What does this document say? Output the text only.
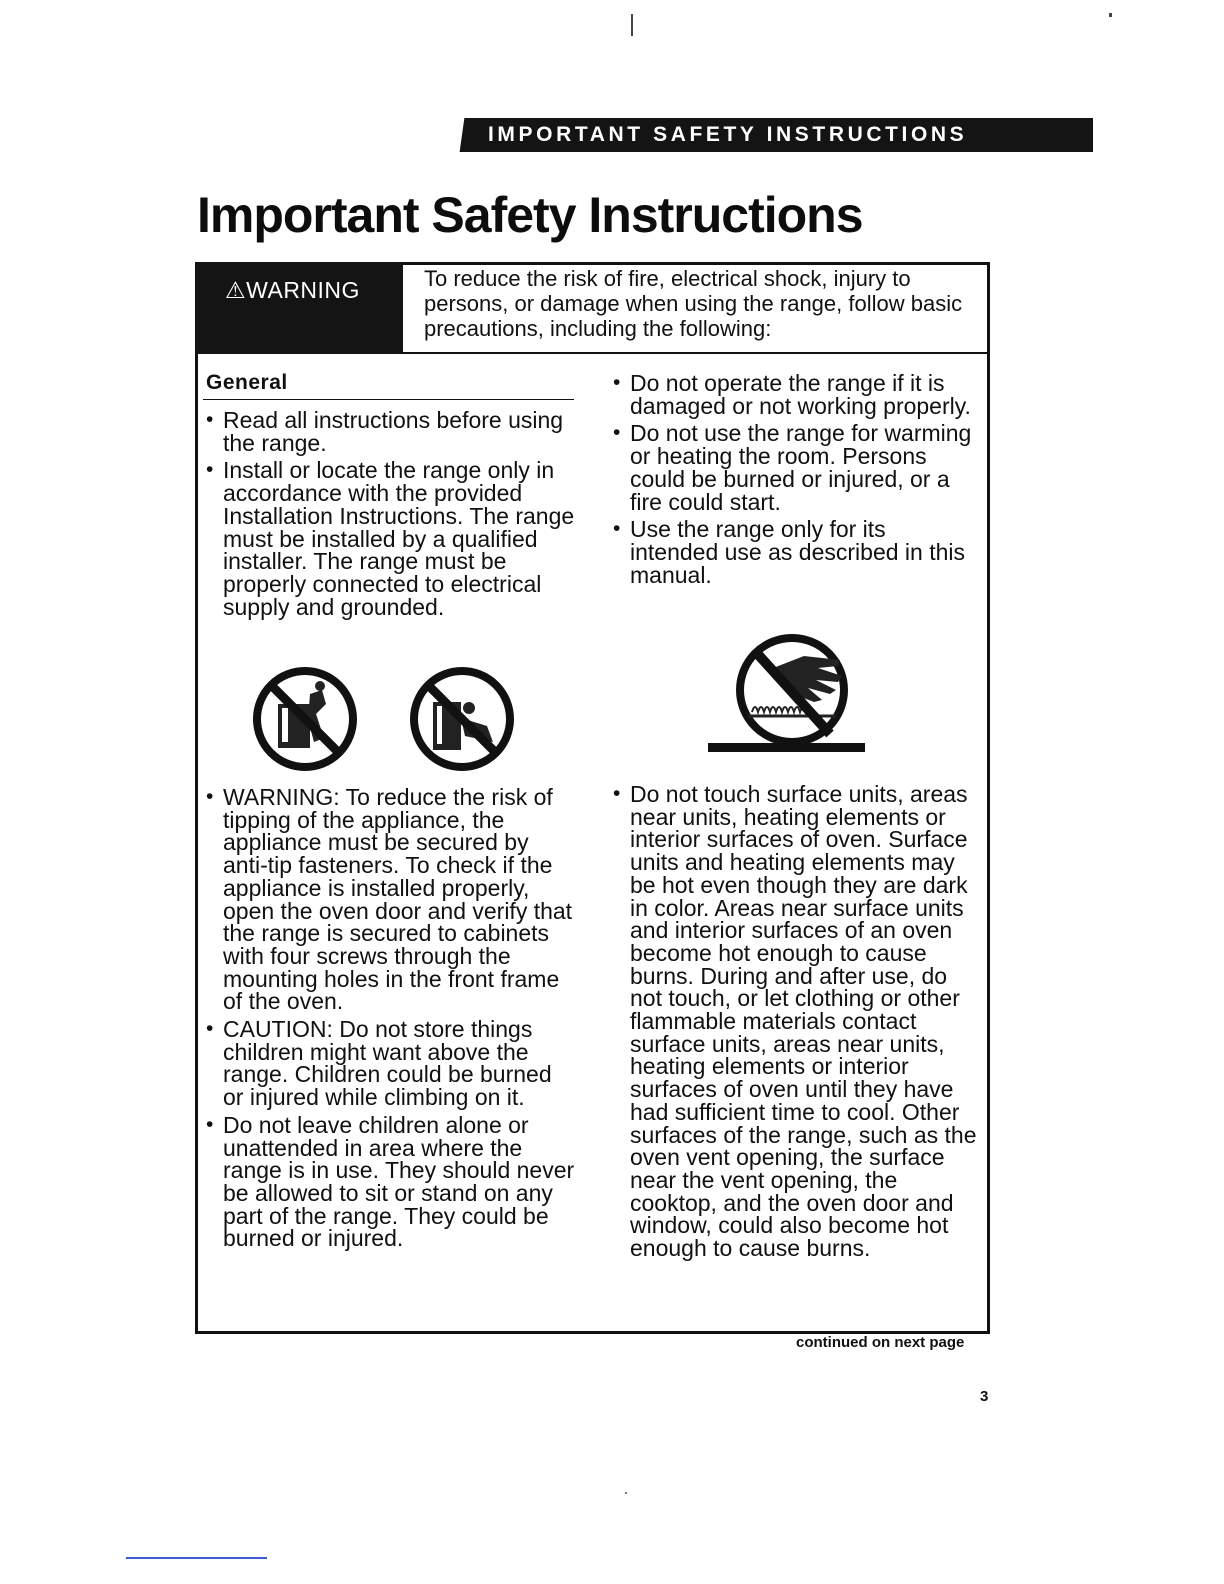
IMPORTANT SAFETY INSTRUCTIONS
Important Safety Instructions
⚠WARNING	To reduce the risk of fire, electrical shock, injury to persons, or damage when using the range, follow basic precautions, including the following:

General
• Read all instructions before using the range.
• Install or locate the range only in accordance with the provided Installation Instructions. The range must be installed by a qualified installer. The range must be properly connected to electrical supply and grounded.
• WARNING: To reduce the risk of tipping of the appliance, the appliance must be secured by anti-tip fasteners. To check if the appliance is installed properly, open the oven door and verify that the range is secured to cabinets with four screws through the mounting holes in the front frame of the oven.
• CAUTION: Do not store things children might want above the range. Children could be burned or injured while climbing on it.
• Do not leave children alone or unattended in area where the range is in use. They should never be allowed to sit or stand on any part of the range. They could be burned or injured.
• Do not operate the range if it is damaged or not working properly.
• Do not use the range for warming or heating the room. Persons could be burned or injured, or a fire could start.
• Use the range only for its intended use as described in this manual.
• Do not touch surface units, areas near units, heating elements or interior surfaces of oven. Surface units and heating elements may be hot even though they are dark in color. Areas near surface units and interior surfaces of an oven become hot enough to cause burns. During and after use, do not touch, or let clothing or other flammable materials contact surface units, areas near units, heating elements or interior surfaces of oven until they have had sufficient time to cool. Other surfaces of the range, such as the oven vent opening, the surface near the vent opening, the cooktop, and the oven door and window, could also become hot enough to cause burns.
continued on next page
3
